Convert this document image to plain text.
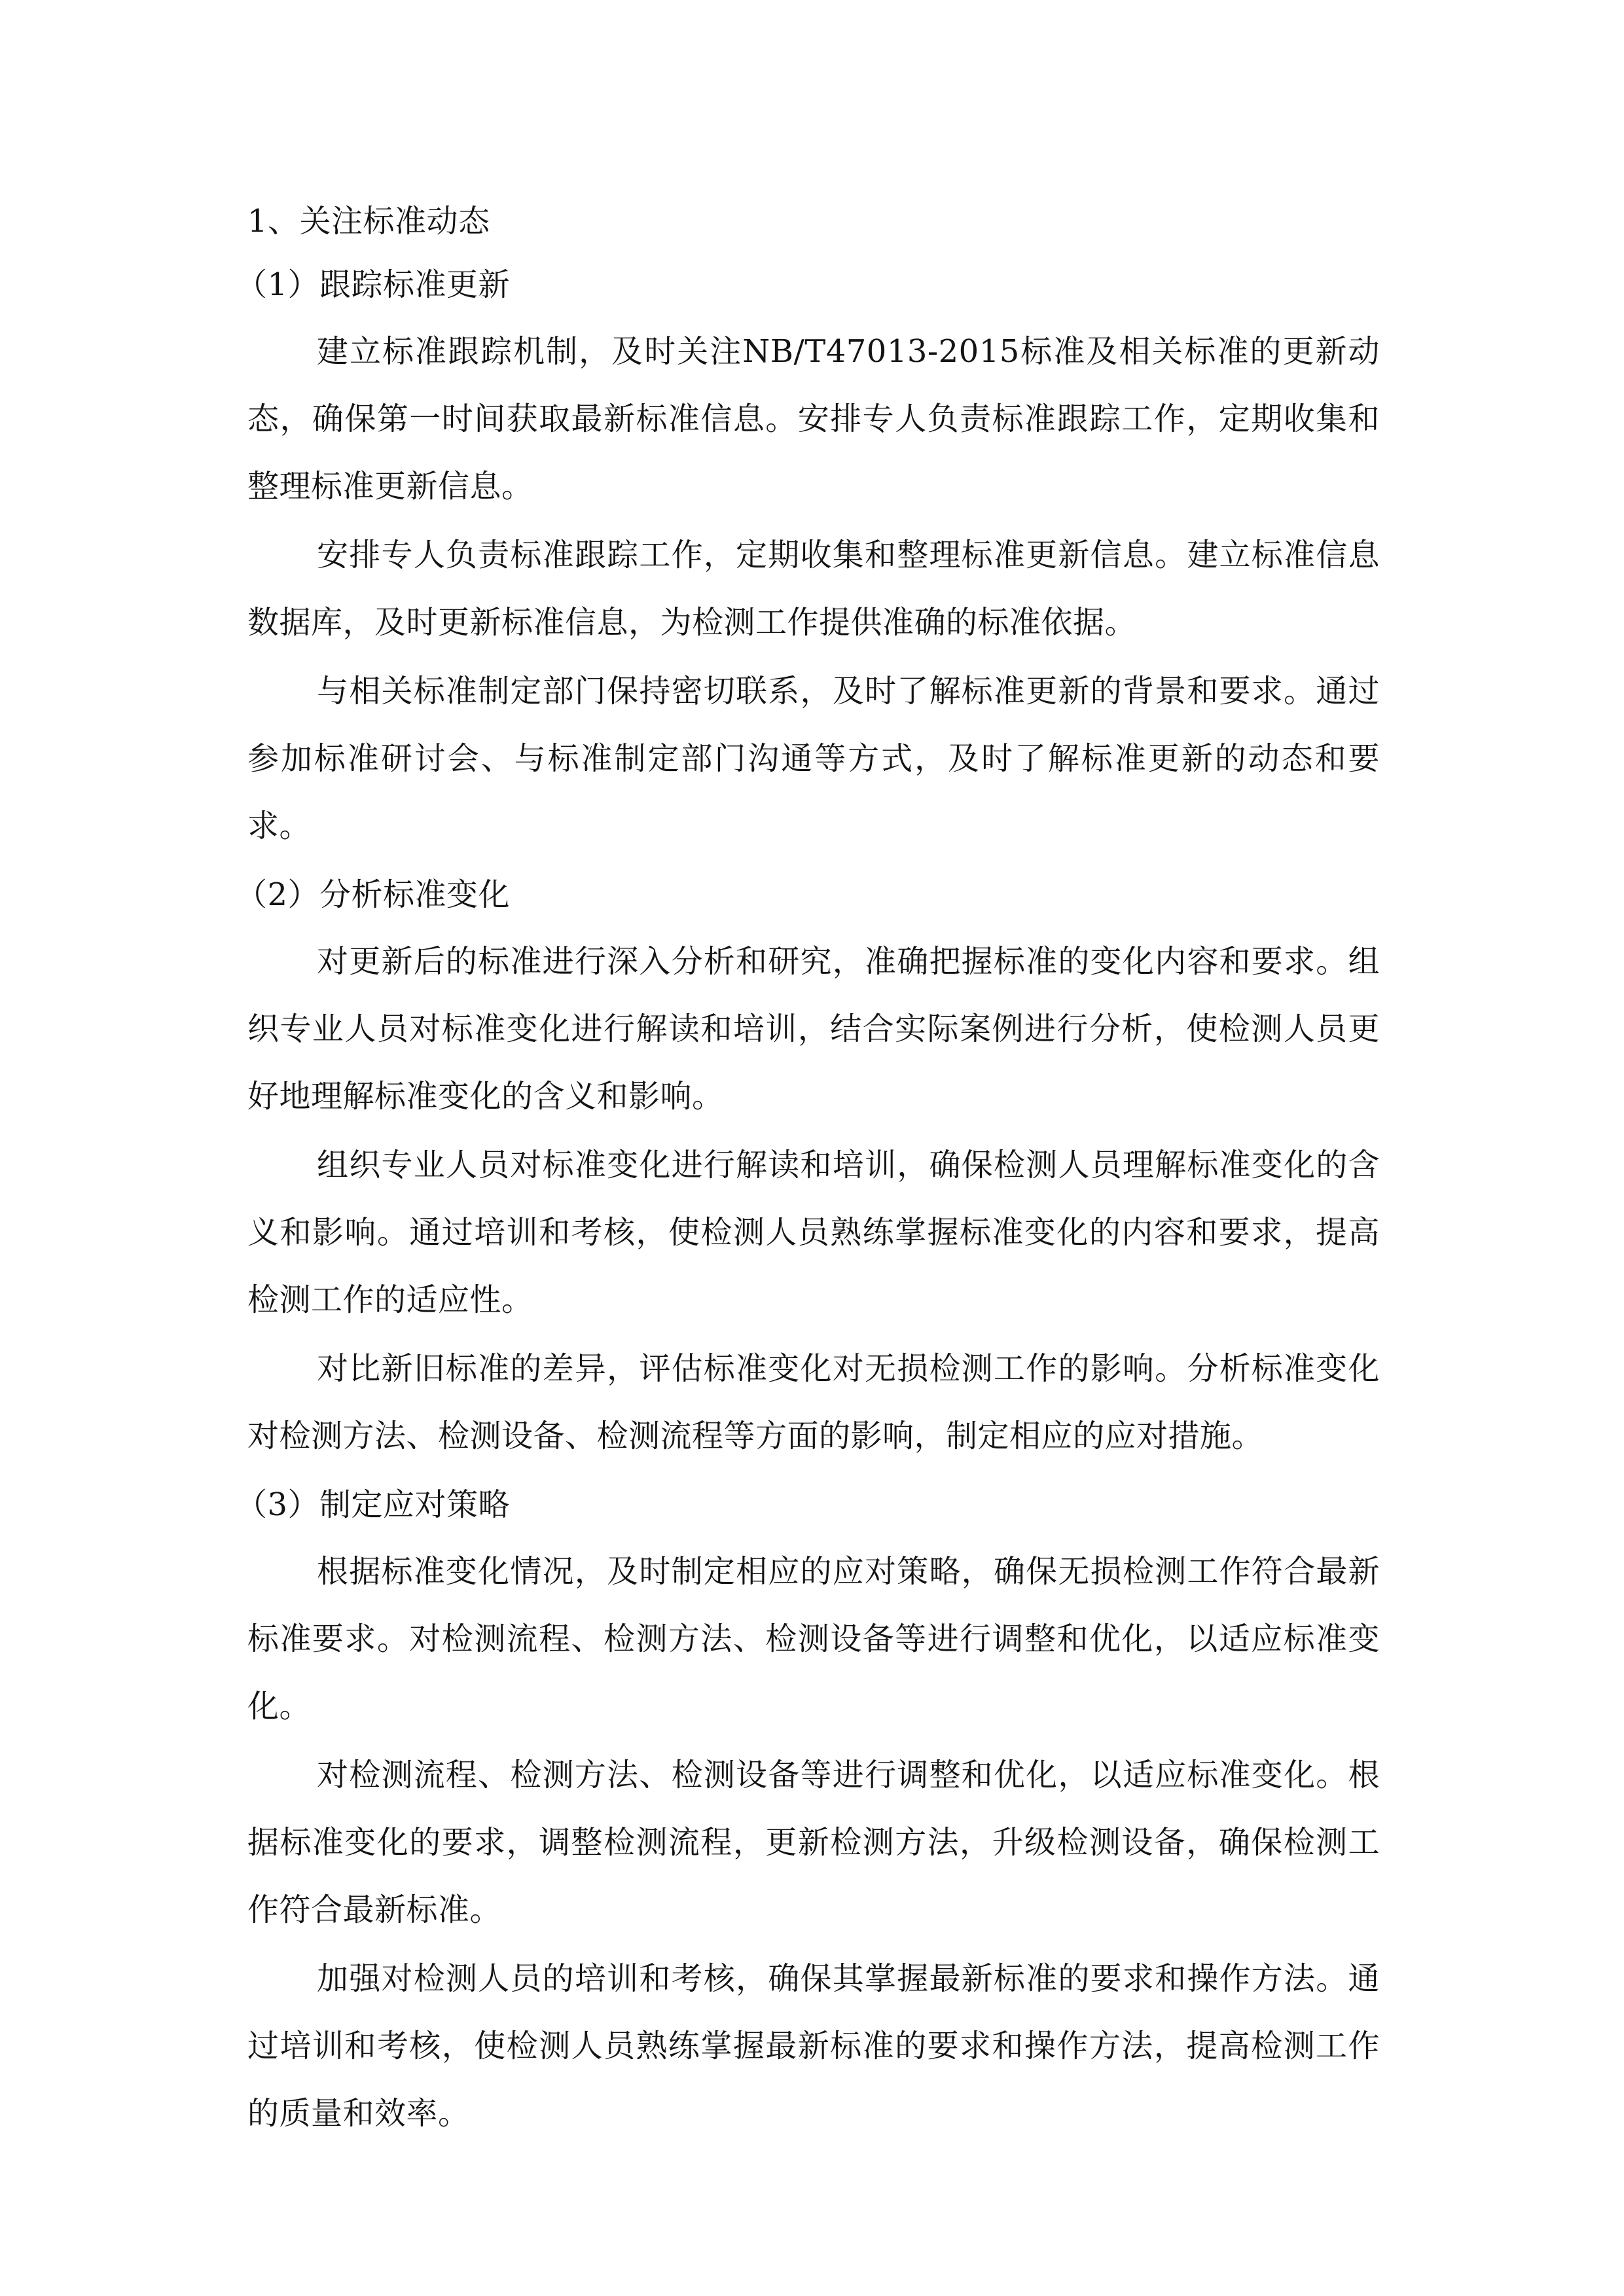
1、关注标准动态
（1）跟踪标准更新

建立标准跟踪机制，及时关注NB/T47013-2015标准及相关标准的更新动态，确保第一时间获取最新标准信息。安排专人负责标准跟踪工作，定期收集和整理标准更新信息。

安排专人负责标准跟踪工作，定期收集和整理标准更新信息。建立标准信息数据库，及时更新标准信息，为检测工作提供准确的标准依据。

与相关标准制定部门保持密切联系，及时了解标准更新的背景和要求。通过参加标准研讨会、与标准制定部门沟通等方式，及时了解标准更新的动态和要求。

（2）分析标准变化

对更新后的标准进行深入分析和研究，准确把握标准的变化内容和要求。组织专业人员对标准变化进行解读和培训，结合实际案例进行分析，使检测人员更好地理解标准变化的含义和影响。

组织专业人员对标准变化进行解读和培训，确保检测人员理解标准变化的含义和影响。通过培训和考核，使检测人员熟练掌握标准变化的内容和要求，提高检测工作的适应性。

对比新旧标准的差异，评估标准变化对无损检测工作的影响。分析标准变化对检测方法、检测设备、检测流程等方面的影响，制定相应的应对措施。

（3）制定应对策略

根据标准变化情况，及时制定相应的应对策略，确保无损检测工作符合最新标准要求。对检测流程、检测方法、检测设备等进行调整和优化，以适应标准变化。

对检测流程、检测方法、检测设备等进行调整和优化，以适应标准变化。根据标准变化的要求，调整检测流程，更新检测方法，升级检测设备，确保检测工作符合最新标准。

加强对检测人员的培训和考核，确保其掌握最新标准的要求和操作方法。通过培训和考核，使检测人员熟练掌握最新标准的要求和操作方法，提高检测工作的质量和效率。
